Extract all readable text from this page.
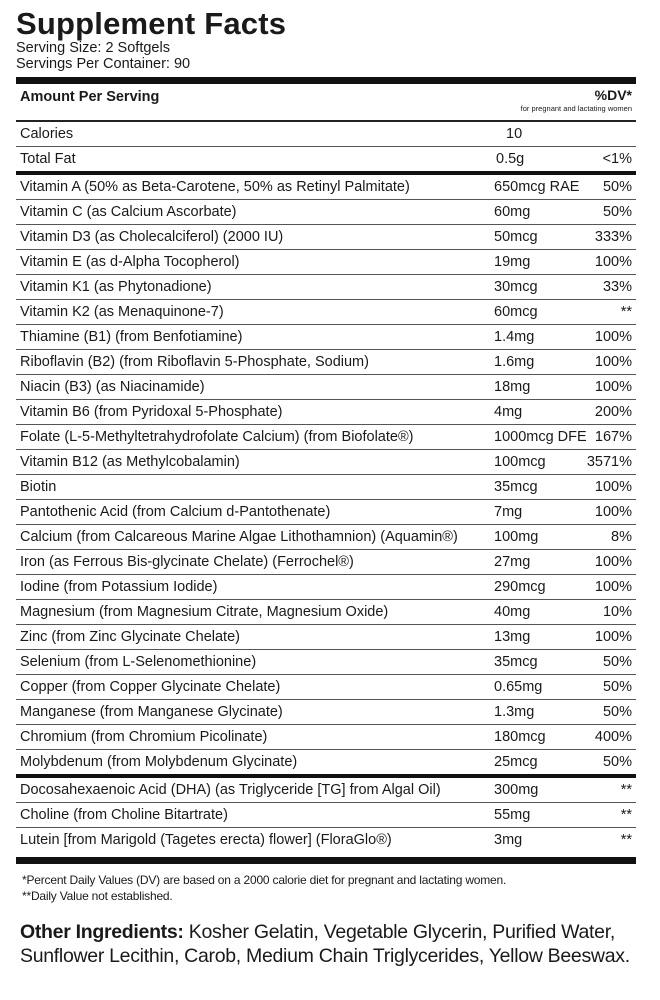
Supplement Facts
Serving Size: 2 Softgels
Servings Per Container: 90
Amount Per Serving	%DV*
for pregnant and lactating women
Calories	10
Total Fat	0.5g	<1%
Vitamin A (50% as Beta-Carotene, 50% as Retinyl Palmitate)	650mcg RAE 50%
Vitamin C (as Calcium Ascorbate)	60mg	50%
Vitamin D3 (as Cholecalciferol) (2000 IU)	50mcg	333%
Vitamin E (as d-Alpha Tocopherol)	19mg	100%
Vitamin K1 (as Phytonadione)	30mcg	33%
Vitamin K2 (as Menaquinone-7)	60mcg	**
Thiamine (B1) (from Benfotiamine)	1.4mg	100%
Riboflavin (B2) (from Riboflavin 5-Phosphate, Sodium)	1.6mg	100%
Niacin (B3) (as Niacinamide)	18mg	100%
Vitamin B6 (from Pyridoxal 5-Phosphate)	4mg	200%
Folate (L-5-Methyltetrahydrofolate Calcium) (from Biofolate®)	1000mcg DFE 167%
Vitamin B12 (as Methylcobalamin)	100mcg	3571%
Biotin	35mcg	100%
Pantothenic Acid (from Calcium d-Pantothenate)	7mg	100%
Calcium (from Calcareous Marine Algae Lithothamnion) (Aquamin®) 100mg	8%
Iron (as Ferrous Bis-glycinate Chelate) (Ferrochel®)	27mg	100%
Iodine (from Potassium Iodide)	290mcg	100%
Magnesium (from Magnesium Citrate, Magnesium Oxide)	40mg	10%
Zinc (from Zinc Glycinate Chelate)	13mg	100%
Selenium (from L-Selenomethionine)	35mcg	50%
Copper (from Copper Glycinate Chelate)	0.65mg	50%
Manganese (from Manganese Glycinate)	1.3mg	50%
Chromium (from Chromium Picolinate)	180mcg	400%
Molybdenum (from Molybdenum Glycinate)	25mcg	50%
Docosahexaenoic Acid (DHA) (as Triglyceride [TG] from Algal Oil)	300mg	**
Choline (from Choline Bitartrate)	55mg	**
Lutein [from Marigold (Tagetes erecta) flower] (FloraGlo®)	3mg	**
*Percent Daily Values (DV) are based on a 2000 calorie diet for pregnant and lactating women.
**Daily Value not established.
Other Ingredients: Kosher Gelatin, Vegetable Glycerin, Purified Water, Sunflower Lecithin, Carob, Medium Chain Triglycerides, Yellow Beeswax.
